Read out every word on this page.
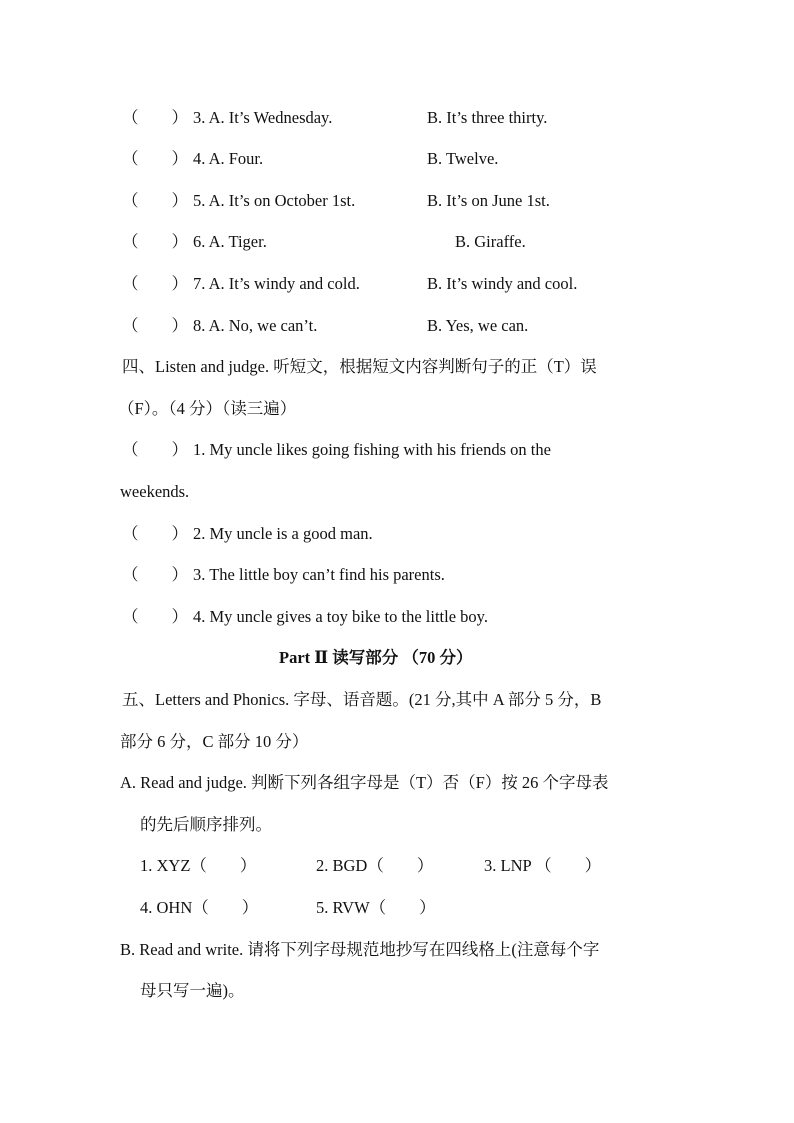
（　　） 3. A. It’s Wednesday.	B. It’s three thirty.
（　　） 4. A. Four.	B. Twelve.
（　　） 5. A. It’s on October 1st.	B. It’s on June 1st.
（　　） 6. A. Tiger.	B. Giraffe.
（　　） 7. A. It’s windy and cold.	B. It’s windy and cool.
（　　） 8. A. No, we can’t.	B. Yes, we can.
四、Listen and judge. 听短文，根据短文内容判断句子的正（T）误
（F）。（4 分）（读三遍）
（　　） 1. My uncle likes going fishing with his friends on the
weekends.
（　　） 2. My uncle is a good man.
（　　） 3. The little boy can’t find his parents.
（　　） 4. My uncle gives a toy bike to the little boy.
Part Ⅱ 读写部分 （70 分）
五、Letters and Phonics. 字母、语音题。(21 分,其中 A 部分 5 分，B
部分 6 分，C 部分 10 分）
A. Read and judge. 判断下列各组字母是（T）否（F）按 26 个字母表
的先后顺序排列。
1. XYZ（　　）	2. BGD（　　）	3. LNP （　　）
4. OHN（　　）	5. RVW（　　）
B. Read and write. 请将下列字母规范地抄写在四线格上(注意每个字
母只写一遍)。
